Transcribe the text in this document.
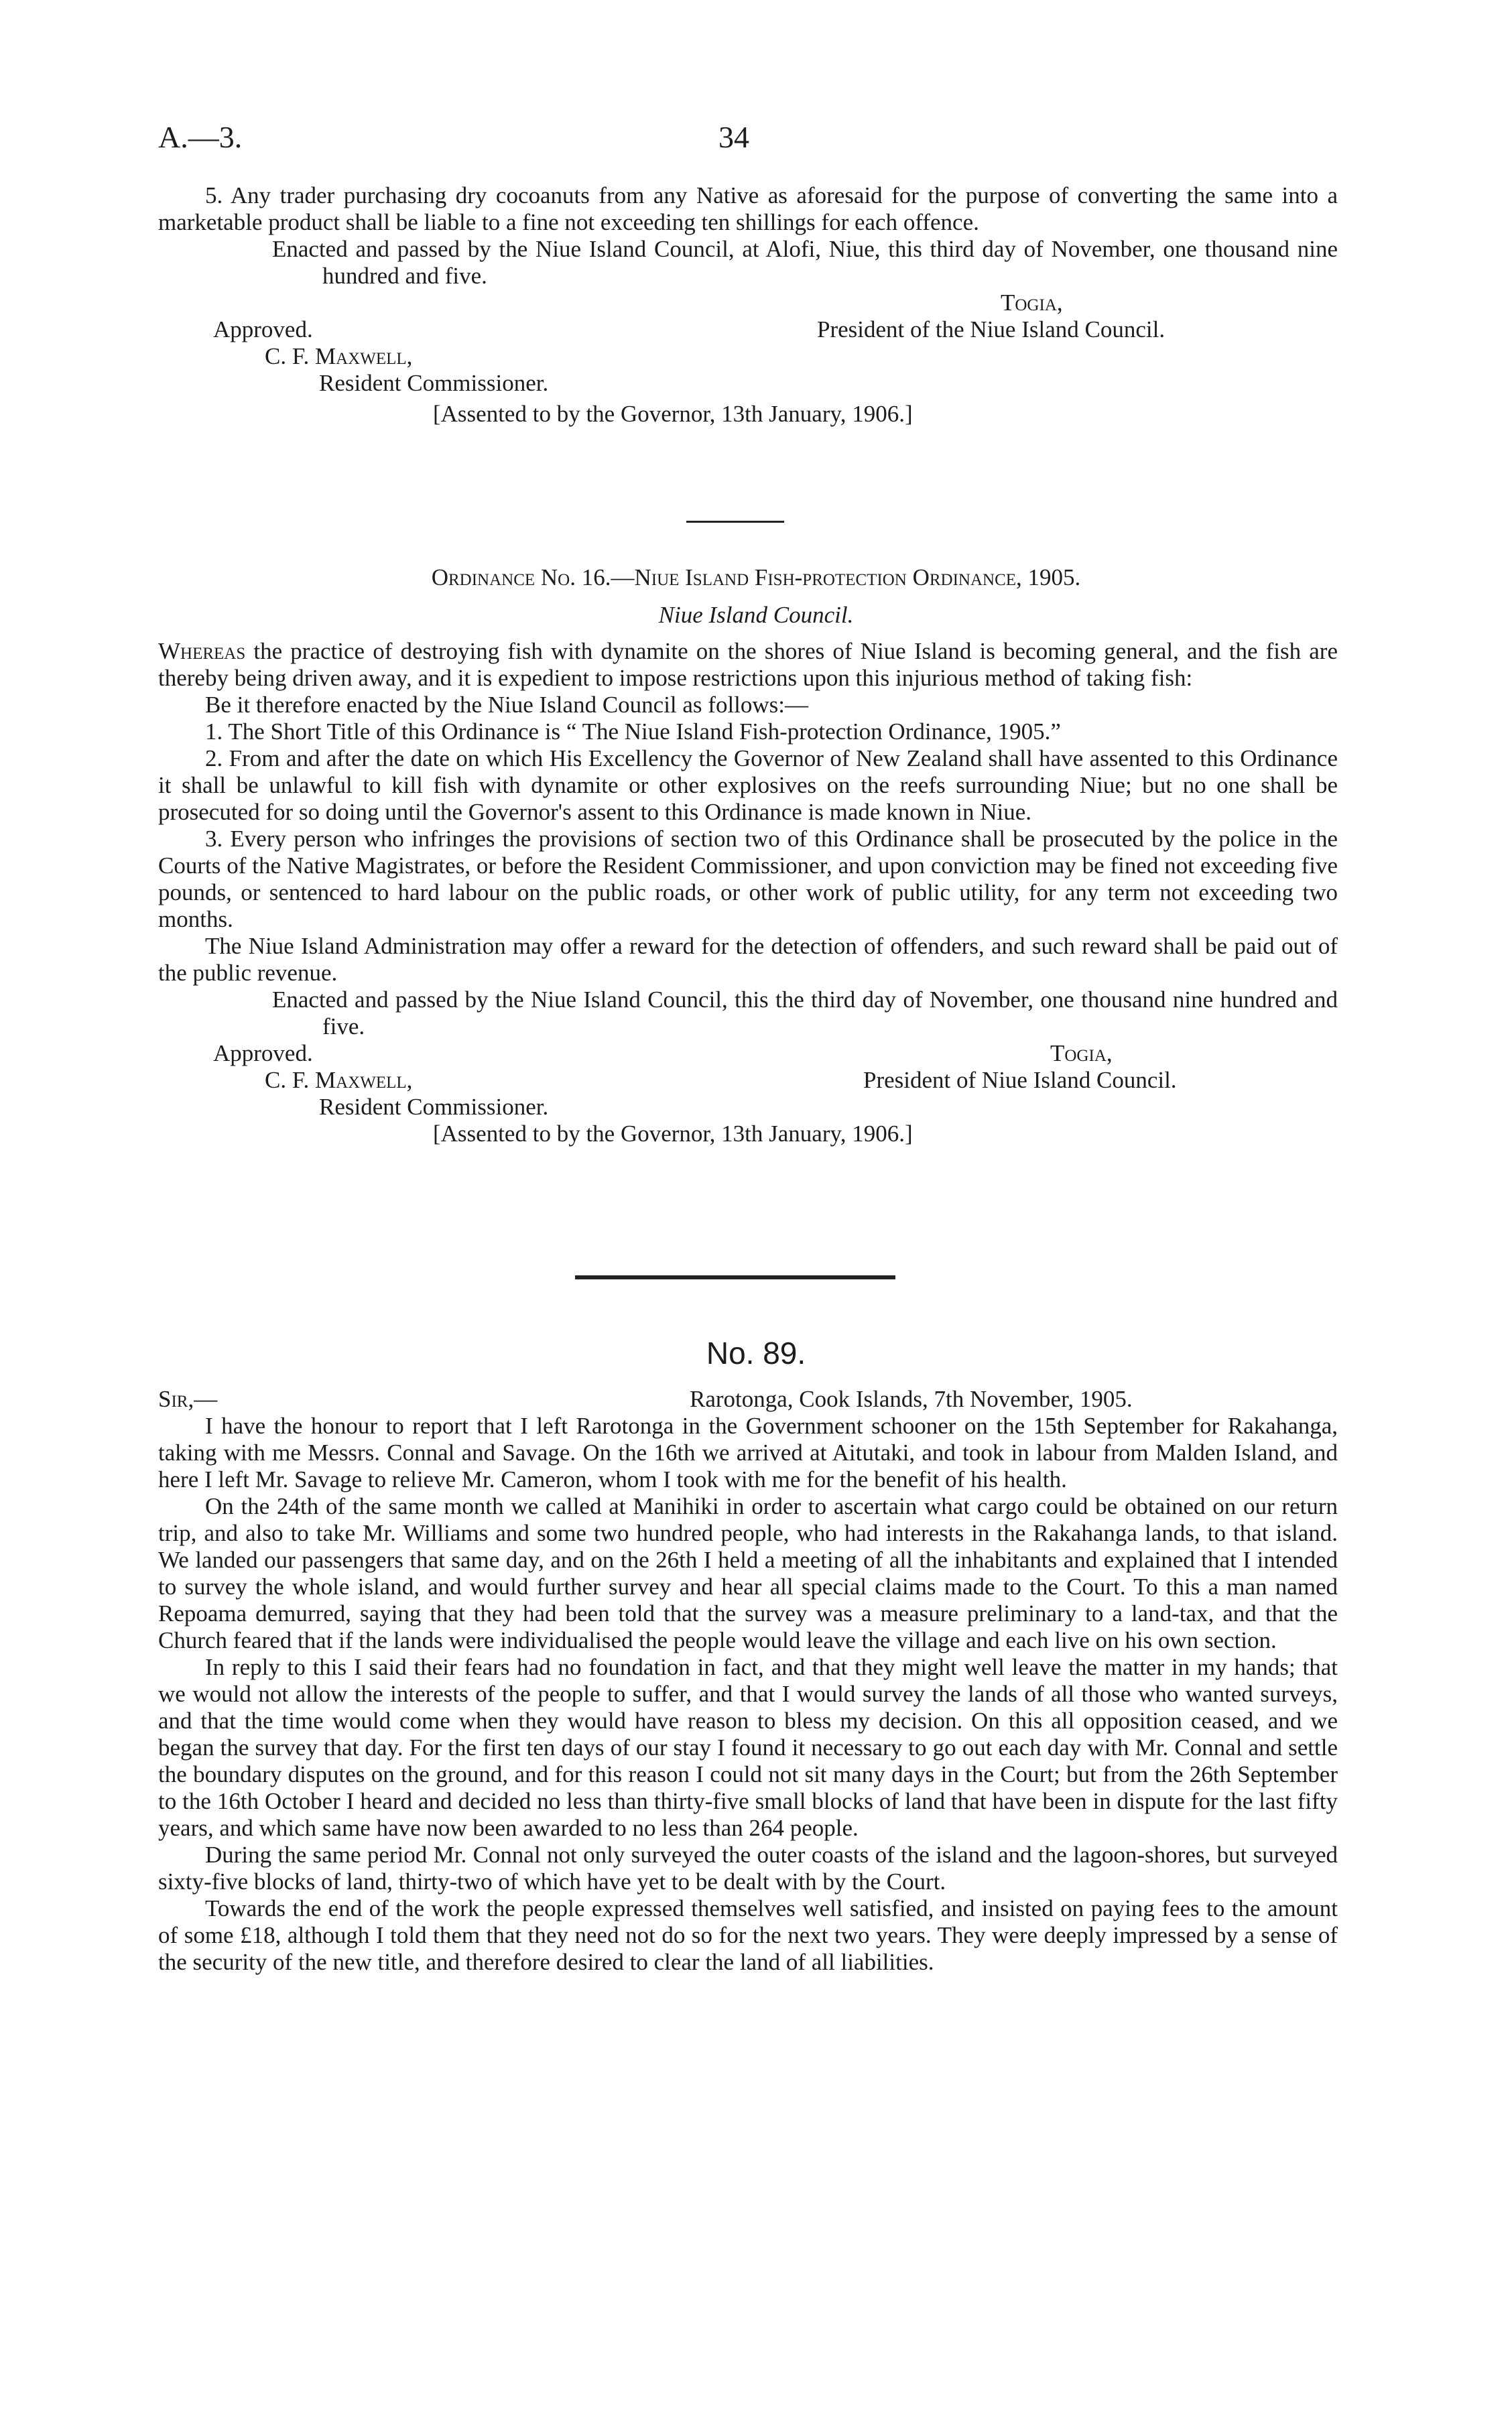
A.—3.	34

5. Any trader purchasing dry cocoanuts from any Native as aforesaid for the purpose of converting the same into a marketable product shall be liable to a fine not exceeding ten shillings for each offence.

Enacted and passed by the Niue Island Council, at Alofi, Niue, this third day of November, one thousand nine hundred and five.

Togia,
Approved.	President of the Niue Island Council.
C. F. Maxwell,
Resident Commissioner.

[Assented to by the Governor, 13th January, 1906.]

Ordinance No. 16.—Niue Island Fish-protection Ordinance, 1905.
Niue Island Council.

Whereas the practice of destroying fish with dynamite on the shores of Niue Island is becoming general, and the fish are thereby being driven away, and it is expedient to impose restrictions upon this injurious method of taking fish:

Be it therefore enacted by the Niue Island Council as follows:—

1. The Short Title of this Ordinance is “ The Niue Island Fish-protection Ordinance, 1905.”

2. From and after the date on which His Excellency the Governor of New Zealand shall have assented to this Ordinance it shall be unlawful to kill fish with dynamite or other explosives on the reefs surrounding Niue; but no one shall be prosecuted for so doing until the Governor's assent to this Ordinance is made known in Niue.

3. Every person who infringes the provisions of section two of this Ordinance shall be prosecuted by the police in the Courts of the Native Magistrates, or before the Resident Commissioner, and upon conviction may be fined not exceeding five pounds, or sentenced to hard labour on the public roads, or other work of public utility, for any term not exceeding two months.

The Niue Island Administration may offer a reward for the detection of offenders, and such reward shall be paid out of the public revenue.

Enacted and passed by the Niue Island Council, this the third day of November, one thousand nine hundred and five.

Approved.	Togia,
C. F. Maxwell,	President of Niue Island Council.
Resident Commissioner.

[Assented to by the Governor, 13th January, 1906.]

No. 89.
Sir,—	Rarotonga, Cook Islands, 7th November, 1905.

I have the honour to report that I left Rarotonga in the Government schooner on the 15th September for Rakahanga, taking with me Messrs. Connal and Savage. On the 16th we arrived at Aitutaki, and took in labour from Malden Island, and here I left Mr. Savage to relieve Mr. Cameron, whom I took with me for the benefit of his health.

On the 24th of the same month we called at Manihiki in order to ascertain what cargo could be obtained on our return trip, and also to take Mr. Williams and some two hundred people, who had interests in the Rakahanga lands, to that island. We landed our passengers that same day, and on the 26th I held a meeting of all the inhabitants and explained that I intended to survey the whole island, and would further survey and hear all special claims made to the Court. To this a man named Repoama demurred, saying that they had been told that the survey was a measure preliminary to a land-tax, and that the Church feared that if the lands were individualised the people would leave the village and each live on his own section.

In reply to this I said their fears had no foundation in fact, and that they might well leave the matter in my hands; that we would not allow the interests of the people to suffer, and that I would survey the lands of all those who wanted surveys, and that the time would come when they would have reason to bless my decision. On this all opposition ceased, and we began the survey that day. For the first ten days of our stay I found it necessary to go out each day with Mr. Connal and settle the boundary disputes on the ground, and for this reason I could not sit many days in the Court; but from the 26th September to the 16th October I heard and decided no less than thirty-five small blocks of land that have been in dispute for the last fifty years, and which same have now been awarded to no less than 264 people.

During the same period Mr. Connal not only surveyed the outer coasts of the island and the lagoon-shores, but surveyed sixty-five blocks of land, thirty-two of which have yet to be dealt with by the Court.

Towards the end of the work the people expressed themselves well satisfied, and insisted on paying fees to the amount of some £18, although I told them that they need not do so for the next two years. They were deeply impressed by a sense of the security of the new title, and therefore desired to clear the land of all liabilities.
